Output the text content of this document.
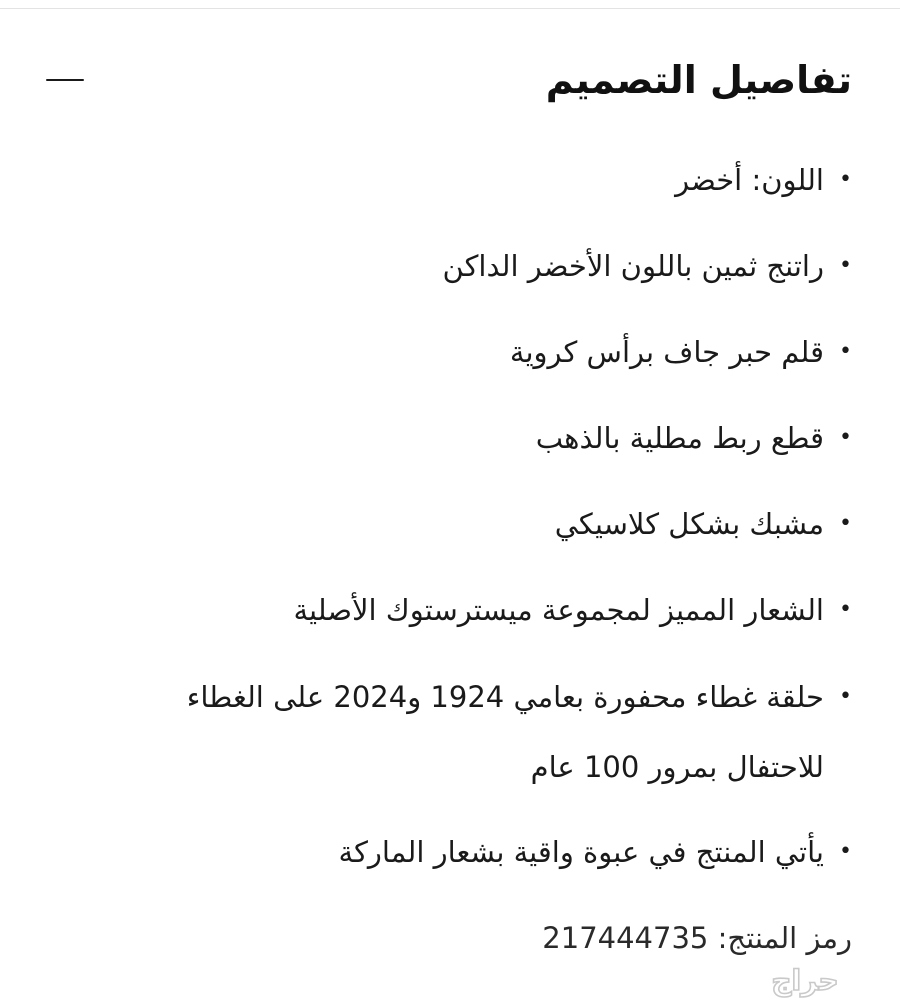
تفاصيل التصميم
•
اللون: أخضر
•
راتنج ثمين باللون الأخضر الداكن
•
قلم حبر جاف برأس كروية
•
قطع ربط مطلية بالذهب
•
مشبك بشكل كلاسيكي
•
الشعار المميز لمجموعة ميسترستوك الأصلية
•
حلقة غطاء محفورة بعامي 1924 و2024 على الغطاء للاحتفال بمرور 100 عام
•
يأتي المنتج في عبوة واقية بشعار الماركة
رمز المنتج: 217444735
حراج
